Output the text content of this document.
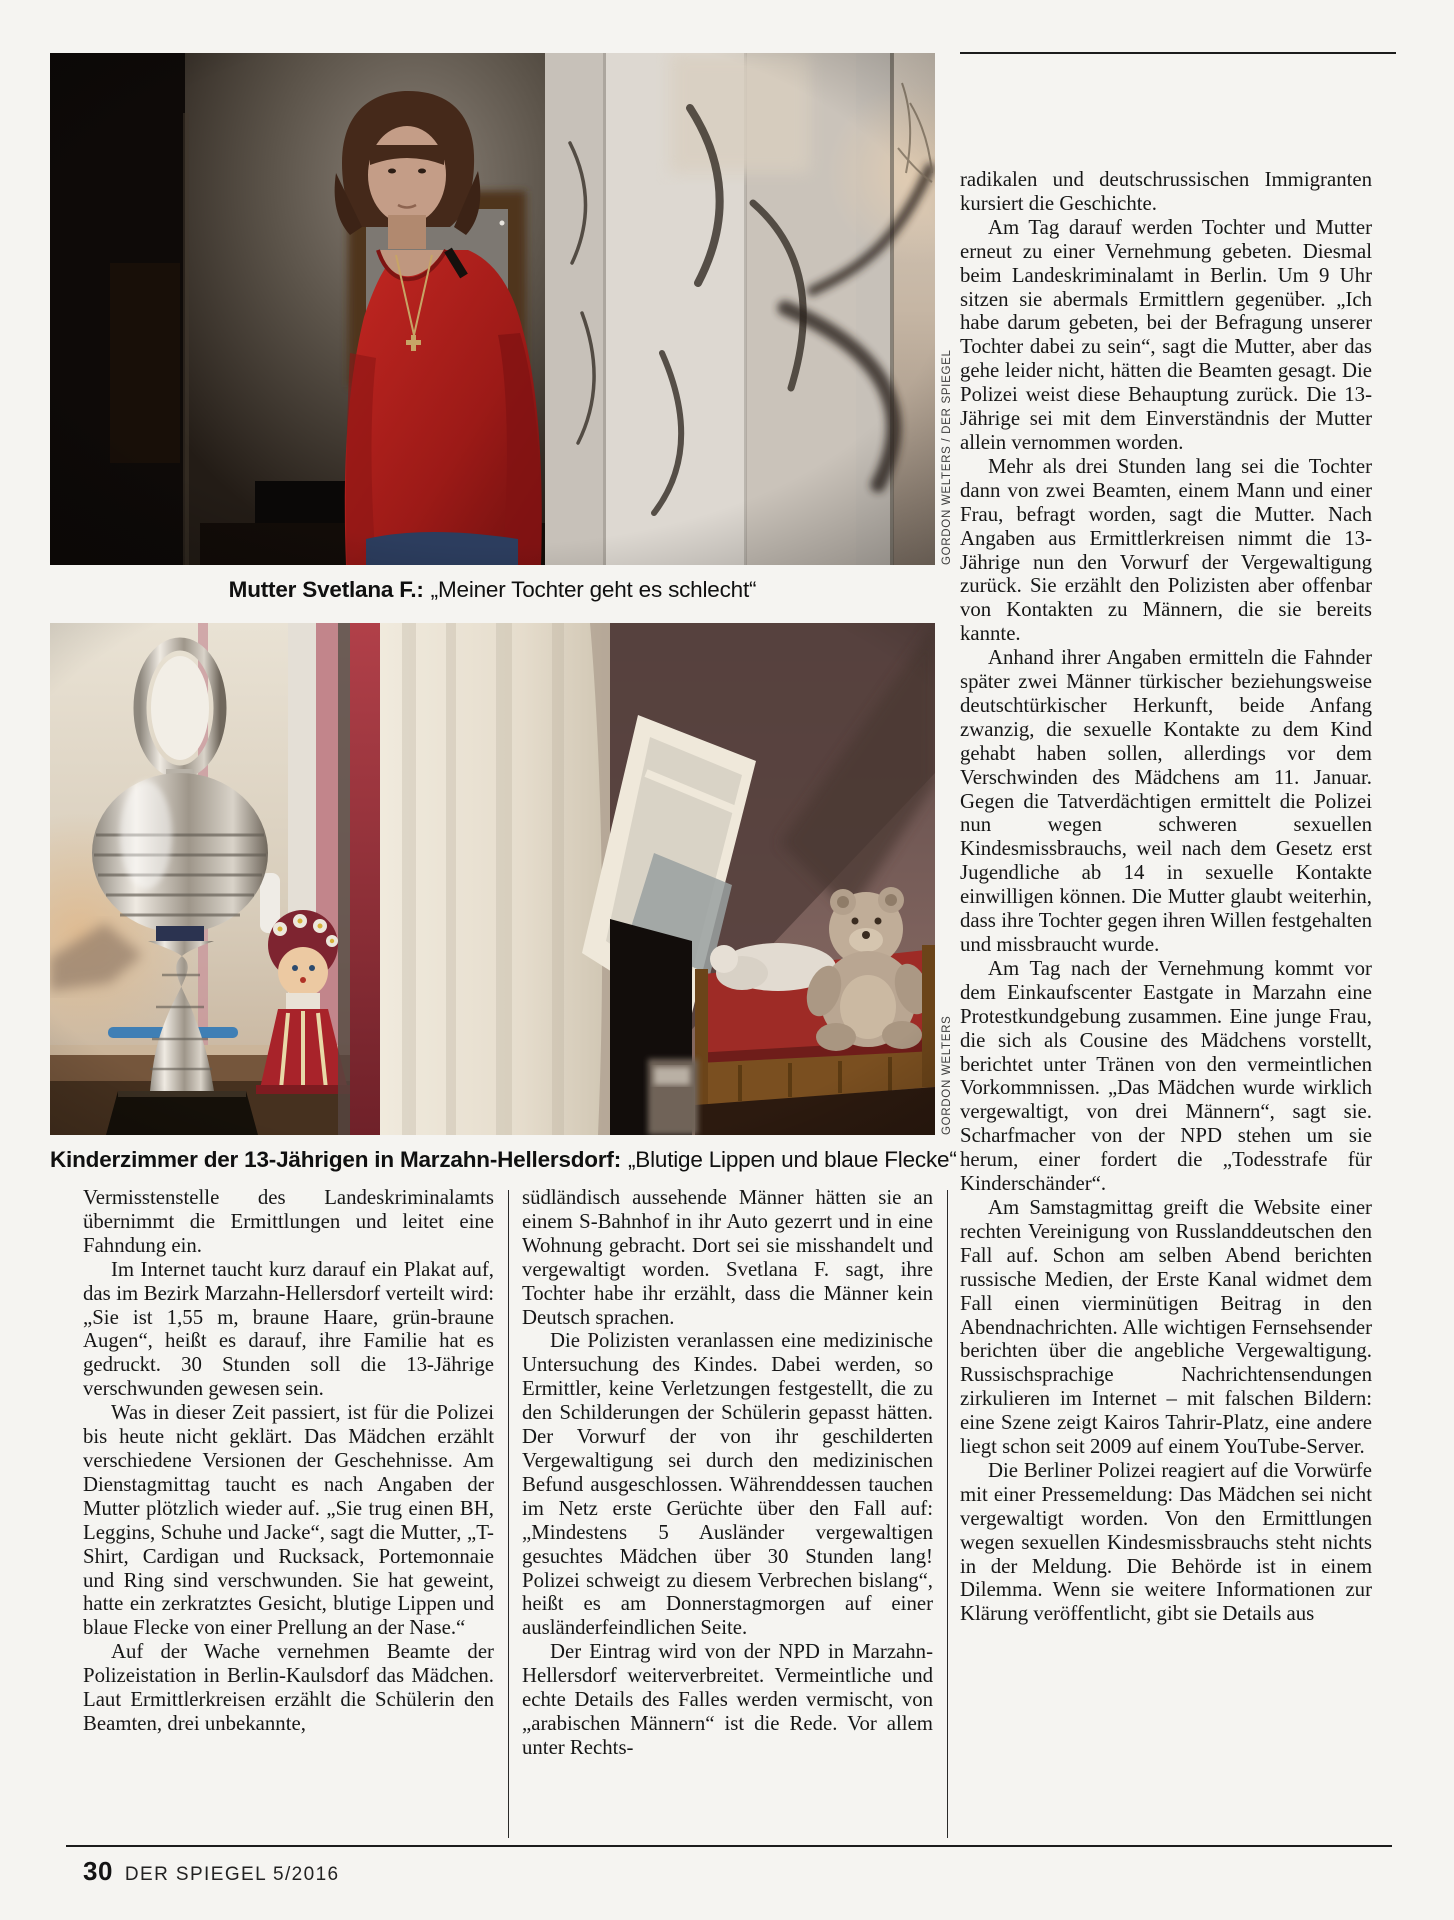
GORDON WELTERS / DER SPIEGEL
Mutter Svetlana F.: „Meiner Tochter geht es schlecht“
GORDON WELTERS
Kinderzimmer der 13-Jährigen in Marzahn-Hellersdorf: „Blutige Lippen und blaue Flecke“

Vermisstenstelle des Landeskriminalamts übernimmt die Ermittlungen und leitet eine Fahndung ein.

Im Internet taucht kurz darauf ein Plakat auf, das im Bezirk Marzahn-Hellersdorf verteilt wird: „Sie ist 1,55 m, braune Haare, grün-braune Augen“, heißt es darauf, ihre Familie hat es gedruckt. 30 Stunden soll die 13-Jährige verschwunden gewesen sein.

Was in dieser Zeit passiert, ist für die Polizei bis heute nicht geklärt. Das Mädchen erzählt verschiedene Versionen der Geschehnisse. Am Dienstagmittag taucht es nach Angaben der Mutter plötzlich wieder auf. „Sie trug einen BH, Leggins, Schuhe und Jacke“, sagt die Mutter, „T-Shirt, Cardigan und Rucksack, Portemonnaie und Ring sind verschwunden. Sie hat geweint, hatte ein zerkratztes Gesicht, blutige Lippen und blaue Flecke von einer Prellung an der Nase.“

Auf der Wache vernehmen Beamte der Polizeistation in Berlin-Kaulsdorf das Mädchen. Laut Ermittlerkreisen erzählt die Schülerin den Beamten, drei unbekannte,

südländisch aussehende Männer hätten sie an einem S-Bahnhof in ihr Auto gezerrt und in eine Wohnung gebracht. Dort sei sie misshandelt und vergewaltigt worden. Svetlana F. sagt, ihre Tochter habe ihr erzählt, dass die Männer kein Deutsch sprachen.

Die Polizisten veranlassen eine medizinische Untersuchung des Kindes. Dabei werden, so Ermittler, keine Verletzungen festgestellt, die zu den Schilderungen der Schülerin gepasst hätten. Der Vorwurf der von ihr geschilderten Vergewaltigung sei durch den medizinischen Befund ausgeschlossen. Währenddessen tauchen im Netz erste Gerüchte über den Fall auf: „Mindestens 5 Ausländer vergewaltigen gesuchtes Mädchen über 30 Stunden lang! Polizei schweigt zu diesem Verbrechen bislang“, heißt es am Donnerstagmorgen auf einer ausländerfeindlichen Seite.

Der Eintrag wird von der NPD in Marzahn-Hellersdorf weiterverbreitet. Vermeintliche und echte Details des Falles werden vermischt, von „arabischen Männern“ ist die Rede. Vor allem unter Rechts-

radikalen und deutschrussischen Immigranten kursiert die Geschichte.

Am Tag darauf werden Tochter und Mutter erneut zu einer Vernehmung gebeten. Diesmal beim Landeskriminalamt in Berlin. Um 9 Uhr sitzen sie abermals Ermittlern gegenüber. „Ich habe darum gebeten, bei der Befragung unserer Tochter dabei zu sein“, sagt die Mutter, aber das gehe leider nicht, hätten die Beamten gesagt. Die Polizei weist diese Behauptung zurück. Die 13-Jährige sei mit dem Einverständnis der Mutter allein vernommen worden.

Mehr als drei Stunden lang sei die Tochter dann von zwei Beamten, einem Mann und einer Frau, befragt worden, sagt die Mutter. Nach Angaben aus Ermittlerkreisen nimmt die 13-Jährige nun den Vorwurf der Vergewaltigung zurück. Sie erzählt den Polizisten aber offenbar von Kontakten zu Männern, die sie bereits kannte.

Anhand ihrer Angaben ermitteln die Fahnder später zwei Männer türkischer beziehungsweise deutschtürkischer Herkunft, beide Anfang zwanzig, die sexuelle Kontakte zu dem Kind gehabt haben sollen, allerdings vor dem Verschwinden des Mädchens am 11. Januar. Gegen die Tatverdächtigen ermittelt die Polizei nun wegen schweren sexuellen Kindesmissbrauchs, weil nach dem Gesetz erst Jugendliche ab 14 in sexuelle Kontakte einwilligen können. Die Mutter glaubt weiterhin, dass ihre Tochter gegen ihren Willen festgehalten und missbraucht wurde.

Am Tag nach der Vernehmung kommt vor dem Einkaufscenter Eastgate in Marzahn eine Protestkundgebung zusammen. Eine junge Frau, die sich als Cousine des Mädchens vorstellt, berichtet unter Tränen von den vermeintlichen Vorkommnissen. „Das Mädchen wurde wirklich vergewaltigt, von drei Männern“, sagt sie. Scharfmacher von der NPD stehen um sie herum, einer fordert die „Todesstrafe für Kinderschänder“.

Am Samstagmittag greift die Website einer rechten Vereinigung von Russlanddeutschen den Fall auf. Schon am selben Abend berichten russische Medien, der Erste Kanal widmet dem Fall einen vierminütigen Beitrag in den Abendnachrichten. Alle wichtigen Fernsehsender berichten über die angebliche Vergewaltigung. Russischsprachige Nachrichtensendungen zirkulieren im Internet – mit falschen Bildern: eine Szene zeigt Kairos Tahrir-Platz, eine andere liegt schon seit 2009 auf einem YouTube-Server.

Die Berliner Polizei reagiert auf die Vorwürfe mit einer Pressemeldung: Das Mädchen sei nicht vergewaltigt worden. Von den Ermittlungen wegen sexuellen Kindesmissbrauchs steht nichts in der Meldung. Die Behörde ist in einem Dilemma. Wenn sie weitere Informationen zur Klärung veröffentlicht, gibt sie Details aus

30 DER SPIEGEL 5/2016
